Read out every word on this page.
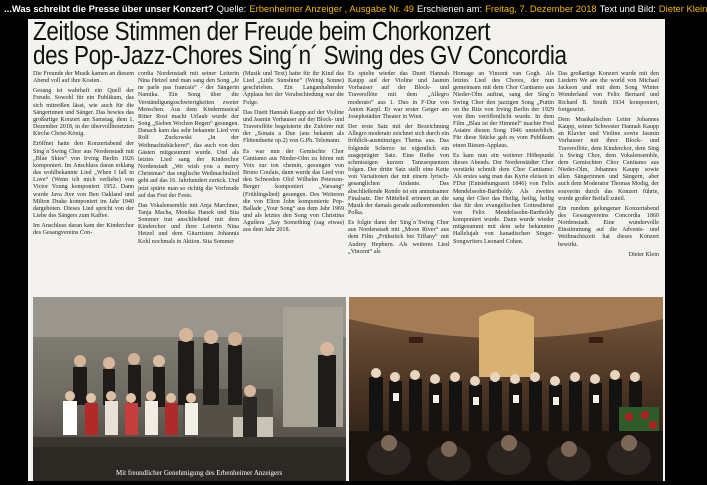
...Was schreibt die Presse über unser Konzert? Quelle: Erbenheimer Anzeiger , Ausgabe Nr. 49 Erschienen am: Freitag, 7. Dezember 2018 Text und Bild: Dieter Klein
Zeitlose Stimmen der Freude beim Chorkonzert
des Pop-Jazz-Chores Sing´n´ Swing des GV Concordia

Die Freunde der Musik kamen an diesem Abend voll auf ihre Kosten.

Gesang ist wahrhaft ein Quell der Freude. Sowohl für ein Publikum, das sich mitreißen lässt, wie auch für die Sängerinnen und Sänger. Das bewies das großartige Konzert am Samstag, dem 1. Dezember 2018, in der übervollbesetzten Kirche Christ-König.

Eröffnet hatte den Konzertabend der Sing´n´Swing Chor aus Nordenstadt mit „Blue Skies“ von Irving Berlin 1926 komponiert. Im Anschluss daran erklang das wohlbekannte Lied „When I fall in Love“ (Wenn ich mich verliebe) von Victor Young komponiert 1952. Dann wurde Java Jive von Ben Oakland und Milton Drake komponiert im Jahr 1940 dargeboten. Dieses Lied spricht von der Liebe des Sängers zum Kaffee.

Im Anschluss daran kam der Kinderchor des Gesangvereins Con-

cordia Nordenstadt mit seiner Leiterin Nina Hetzel und man sang den Song „Je ne parle pas francais“ - der Sängerin Namika. Ein Song über die Verständigungsschwierigkeiten zweier Menschen. Aus dem Kindermusical Ritter Rost macht Urlaub wurde der Song „Sieben Wochen Regen“ gesungen. Danach kam das sehr bekannte Lied von Rolf Zuckowski „In der Weihnachtsbäckerei“, das auch von den Gästen mitgesummt wurde. Und als letztes Lied sang der Kinderchor Nordenstadt „We wish you a merry Christmas“ das englische Weihnachtslied geht auf das 16. Jahrhundert zurück. Und jetzt spürte man so richtig die Vorfreude auf das Fest der Feste.

Das Vokalensemble mit Anja Marchner, Tanja Macha, Monika Hanek und Sita Sommer trat anschließend mit dem Kinderchor und ihrer Leiterin Nina Hetzel und dem Gitarristen Johannis Kohl nochmals in Aktion. Sita Sommer

(Musik und Text) hatte für ihr Kind das Lied „Little Sunshine“ (Wenig Sonne) geschrieben. Ein Langanhaltender Applaus bei der Verabschiedung war die Folge.

Das Duett Hannah Kaupp auf der Violine und Jasmin Vorhauser auf der Block- und Traversflöte begeisterte die Zuhörer mit der „Sonata a Due (aus bekannt als Flötenduette op.2) von G.Ph. Telemann.

Es war nun der Gemischte Chor Cantiamo aus Nieder-Olm zu hören mit Voix sur ton chemin, gesungen von Bruno Coulais, dann wurde das Lied von den Schweden Olof Wilhelm Peterson-Berger komponiert „Varsang“ (Frühlingslied) gesungen. Des Weiteren die von Elton John komponierte Pop-Ballade „Your Song“ aus dem Jahr 1969 und als letztes den Song von Christina Aguilera „Say Something (sag etwas) aus dem Jahr 2018.

Es spielte wieder das Duett Hannah Kaupp auf der Violine und Jasmin Vorhauser auf der Block- und Traversflöte mit dem „Allegro moderato“ aus 1. Duo in F-Dur von Anton Karpl. Er war erster Geiger am Josephstädter Theater in Wien.

Der erste Satz mit der Bezeichnung Allegro moderato zeichnet sich durch ein fröhlich-ausmünziges Thema aus. Das folgende Scherzo ist eigentlich ein ausgeprägter Satz. Eine Reihe von schmissigen kurzen Tanzsequenzen folgen. Der dritte Satz stellt eine Kette von Variationen dar mit einem lyrisch-gesanglichen Andante. Das abschließende Rondo ist ein anmutsamer Finalsatz. Der Mittelteil erinnert an die Musik der damals gerade aufkommenden Polka.

Es folgte dann der Sing´n´Swing Chor aus Nordenstadt mit „Moon River“ aus dem Film „Frühstück bei Tiffany“ mit Audrey Hepburn. Als weiteres Lied „Vincent“ als

Homage an Vincent van Gogh. Als letztes Lied des Chores, der nun gemeinsam mit dem Chor Cantiamo aus Nieder-Olm auftrat, sang der Sing´n Swing Chor den jazzigen Song „Puttin on the Ritz von Irving Berlin der 1929 von ihm veröffentlicht wurde. In dem Film „Blau ist der Himmel“ machte Fred Astaire diesen Song 1946 unsterblich. Für diese Stücke gab es vom Publikum einen Riesen-Applaus.

Es kam nun ein weiterer Höhepunkt dieses Abends. Der Nordenstädter Chor verstärkt schmilt dem Chor Cantiamo. Als erstes sang man das Kyrie eleison in FDur (Entstehungszeit 1846) von Felix Mendelssohn-Bartholdy. Als zweites sang der Chor das Heilig, heilig, heilig das für den evangelischen Gottesdienst von Felix Mendelssohn-Bartholdy komponiert wurde. Dann wurde wieder mitgesummt mit dem sehr bekannten Hallelujah von kanadischen Singer-Songwriters Leonard Cohen.

Das großartige Konzert wurde mit den Liedern We are the world von Michael Jackson und mit dem Song Winter Wonderland von Felix Bernard und Richard B. Smith 1934 komponiert, fortgesetzt.

Dem Musikalischen Leiter Johannes Kaupp, seiner Schwester Hannah Kaupp an Klavier und Violine sowie Jasmin Vorhauser mit ihrer Block- und Traversflöte, dem Kinderchor, dem Sing´n Swing Chor, dem Vokalensemble, dem Gemischten Chor Cantiamo aus Nieder-Olm, Johannes Kaupp sowie allen Sängerinnen und Sängern, aber auch dem Moderator Thomas Modig, der souverän durch das Konzert führte, wurde großer Beifall zuteil.

Ein rundum gelungener Konzertabend des Gesangvereins Concordia 1860 Nordenstadt. Eine wundervolle Einstimmung auf die Advents- und Weihnachtszeit hat dieses Konzert bewirkt.

Dieter Klein

Mit freundlicher Genehmigung des Erbenheimer Anzeigers
